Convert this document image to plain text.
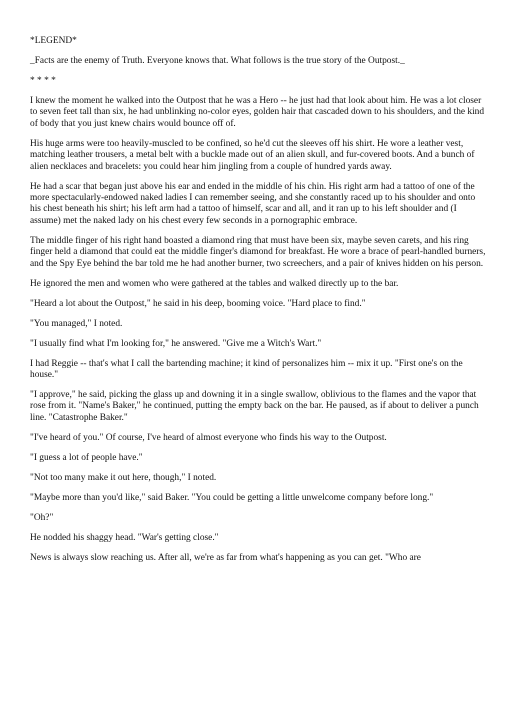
*LEGEND*

_Facts are the enemy of Truth. Everyone knows that. What follows is the true story of the Outpost._

* * * *

I knew the moment he walked into the Outpost that he was a Hero -- he just had that look about him. He was a lot closer to seven feet tall than six, he had unblinking no-color eyes, golden hair that cascaded down to his shoulders, and the kind of body that you just knew chairs would bounce off of.

His huge arms were too heavily-muscled to be confined, so he'd cut the sleeves off his shirt. He wore a leather vest, matching leather trousers, a metal belt with a buckle made out of an alien skull, and fur-covered boots. And a bunch of alien necklaces and bracelets: you could hear him jingling from a couple of hundred yards away.

He had a scar that began just above his ear and ended in the middle of his chin. His right arm had a tattoo of one of the more spectacularly-endowed naked ladies I can remember seeing, and she constantly raced up to his shoulder and onto his chest beneath his shirt; his left arm had a tattoo of himself, scar and all, and it ran up to his left shoulder and (I assume) met the naked lady on his chest every few seconds in a pornographic embrace.

The middle finger of his right hand boasted a diamond ring that must have been six, maybe seven carets, and his ring finger held a diamond that could eat the middle finger's diamond for breakfast. He wore a brace of pearl-handled burners, and the Spy Eye behind the bar told me he had another burner, two screechers, and a pair of knives hidden on his person.

He ignored the men and women who were gathered at the tables and walked directly up to the bar.

"Heard a lot about the Outpost," he said in his deep, booming voice. "Hard place to find."

"You managed," I noted.

"I usually find what I'm looking for," he answered. "Give me a Witch's Wart."

I had Reggie -- that's what I call the bartending machine; it kind of personalizes him -- mix it up. "First one's on the house."

"I approve," he said, picking the glass up and downing it in a single swallow, oblivious to the flames and the vapor that rose from it. "Name's Baker," he continued, putting the empty back on the bar. He paused, as if about to deliver a punch line. "Catastrophe Baker."

"I've heard of you." Of course, I've heard of almost everyone who finds his way to the Outpost.

"I guess a lot of people have."

"Not too many make it out here, though," I noted.

"Maybe more than you'd like," said Baker. "You could be getting a little unwelcome company before long."

"Oh?"

He nodded his shaggy head. "War's getting close."

News is always slow reaching us. After all, we're as far from what's happening as you can get. "Who are
